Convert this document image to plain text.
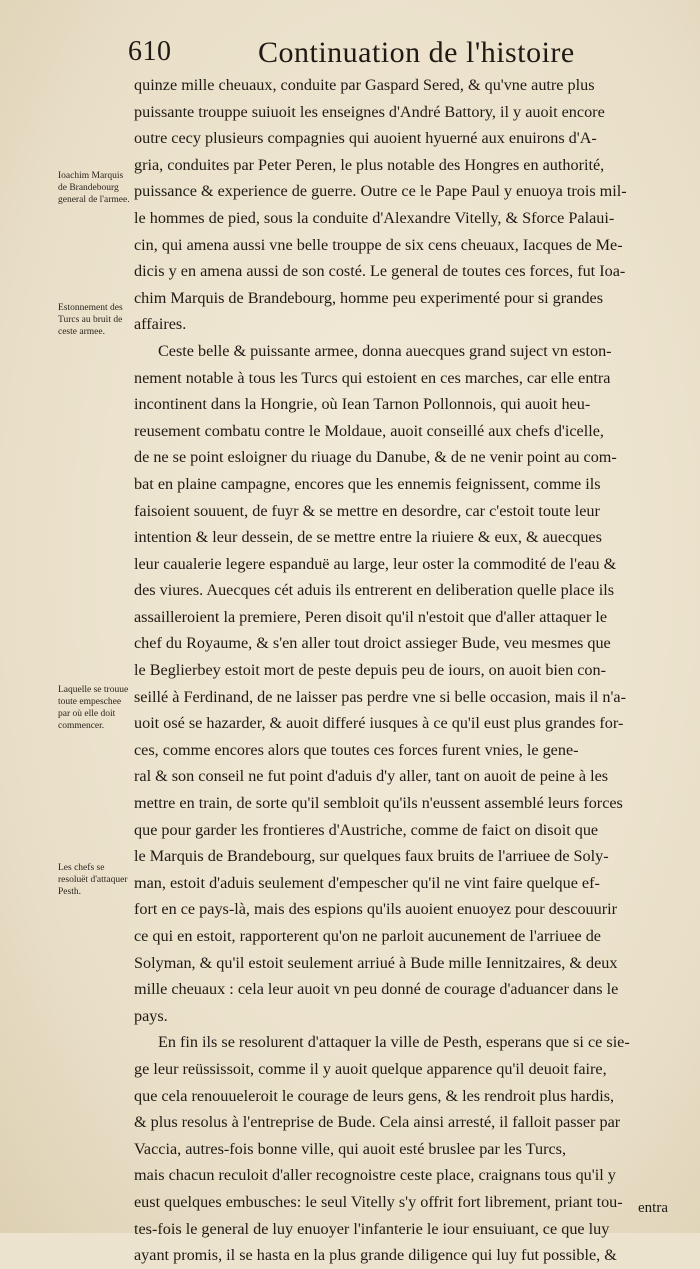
610	Continuation de l'histoire
Ioachim Marquis de Brandebourg general de l'armee.
Estonnement des Turcs au bruit de ceste armee.
Laquelle se trouue toute empeschee par où elle doit commencer.
Les chefs se resoluët d'attaquer Pesth.
quinze mille cheuaux, conduite par Gaspard Sered, & qu'vne autre plus
puissante trouppe suiuoit les enseignes d'André Battory, il y auoit encore
outre cecy plusieurs compagnies qui auoient hyuerné aux enuirons d'A-
gria, conduites par Peter Peren, le plus notable des Hongres en authorité,
puissance & experience de guerre. Outre ce le Pape Paul y enuoya trois mil-
le hommes de pied, sous la conduite d'Alexandre Vitelly, & Sforce Palaui-
cin, qui amena aussi vne belle trouppe de six cens cheuaux, Iacques de Me-
dicis y en amena aussi de son costé. Le general de toutes ces forces, fut Ioa-
chim Marquis de Brandebourg, homme peu experimenté pour si grandes
affaires.
Ceste belle & puissante armee, donna auecques grand suject vn eston-
nement notable à tous les Turcs qui estoient en ces marches, car elle entra
incontinent dans la Hongrie, où Iean Tarnon Pollonnois, qui auoit heu-
reusement combatu contre le Moldaue, auoit conseillé aux chefs d'icelle,
de ne se point esloigner du riuage du Danube, & de ne venir point au com-
bat en plaine campagne, encores que les ennemis feignissent, comme ils
faisoient souuent, de fuyr & se mettre en desordre, car c'estoit toute leur
intention & leur dessein, de se mettre entre la riuiere & eux, & auecques
leur caualerie legere espanduë au large, leur oster la commodité de l'eau &
des viures. Auecques cét aduis ils entrerent en deliberation quelle place ils
assailleroient la premiere, Peren disoit qu'il n'estoit que d'aller attaquer le
chef du Royaume, & s'en aller tout droict assieger Bude, veu mesmes que
le Beglierbey estoit mort de peste depuis peu de iours, on auoit bien con-
seillé à Ferdinand, de ne laisser pas perdre vne si belle occasion, mais il n'a-
uoit osé se hazarder, & auoit differé iusques à ce qu'il eust plus grandes for-
ces, comme encores alors que toutes ces forces furent vnies, le gene-
ral & son conseil ne fut point d'aduis d'y aller, tant on auoit de peine à les
mettre en train, de sorte qu'il sembloit qu'ils n'eussent assemblé leurs forces
que pour garder les frontieres d'Austriche, comme de faict on disoit que
le Marquis de Brandebourg, sur quelques faux bruits de l'arriuee de Soly-
man, estoit d'aduis seulement d'empescher qu'il ne vint faire quelque ef-
fort en ce pays-là, mais des espions qu'ils auoient enuoyez pour descouurir
ce qui en estoit, rapporterent qu'on ne parloit aucunement de l'arriuee de
Solyman, & qu'il estoit seulement arriué à Bude mille Iennitzaires, & deux
mille cheuaux : cela leur auoit vn peu donné de courage d'aduancer dans le
pays.
En fin ils se resolurent d'attaquer la ville de Pesth, esperans que si ce sie-
ge leur reüssissoit, comme il y auoit quelque apparence qu'il deuoit faire,
que cela renouueleroit le courage de leurs gens, & les rendroit plus hardis,
& plus resolus à l'entreprise de Bude. Cela ainsi arresté, il falloit passer par
Vaccia, autres-fois bonne ville, qui auoit esté bruslee par les Turcs,
mais chacun reculoit d'aller recognoistre ceste place, craignans tous qu'il y
eust quelques embusches: le seul Vitelly s'y offrit fort librement, priant tou-
tes-fois le general de luy enuoyer l'infanterie le iour ensuiuant, ce que luy
ayant promis, il se hasta en la plus grande diligence qui luy fut possible, &
entra
